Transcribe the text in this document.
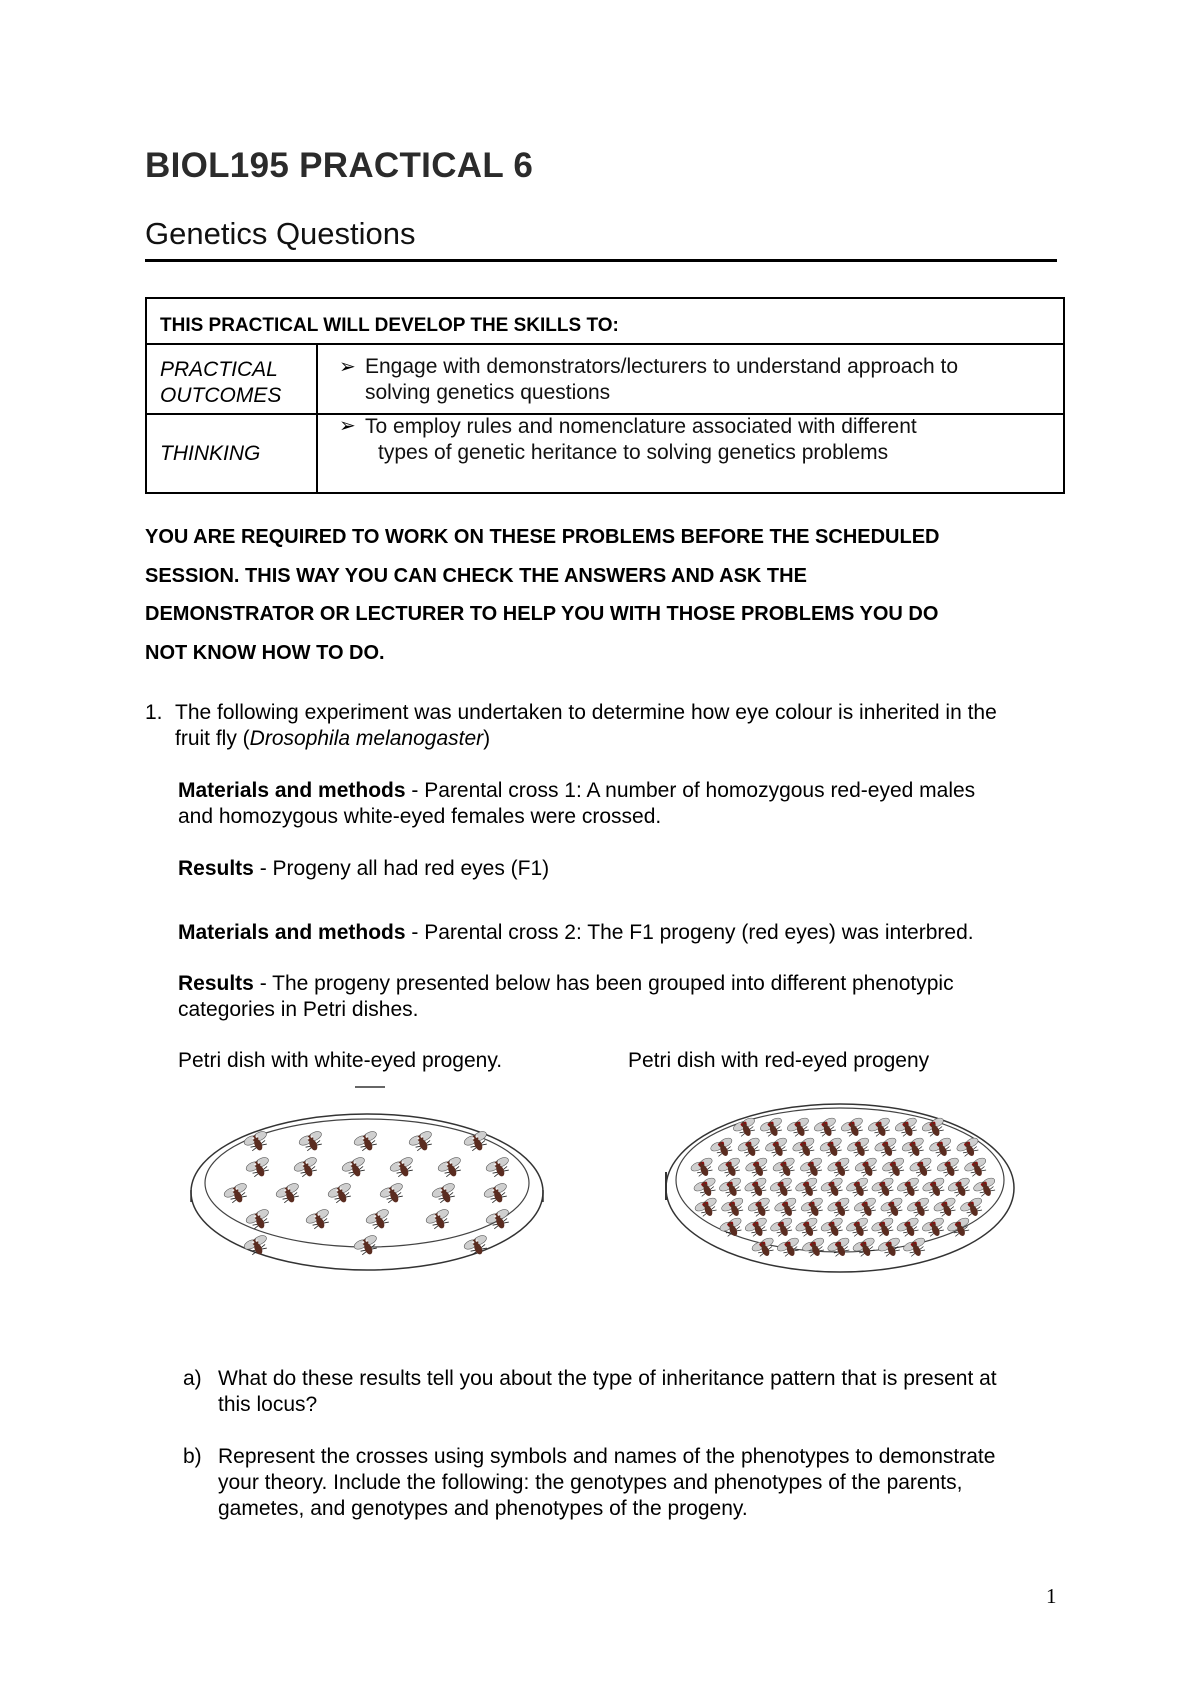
BIOL195 PRACTICAL 6
Genetics Questions
THIS PRACTICAL WILL DEVELOP THE SKILLS TO:
PRACTICAL
OUTCOMES
➢ Engage with demonstrators/lecturers to understand approach to
solving genetics questions
THINKING
➢ To employ rules and nomenclature associated with different
types of genetic heritance to solving genetics problems
YOU ARE REQUIRED TO WORK ON THESE PROBLEMS BEFORE THE SCHEDULED
SESSION. THIS WAY YOU CAN CHECK THE ANSWERS AND ASK THE
DEMONSTRATOR OR LECTURER TO HELP YOU WITH THOSE PROBLEMS YOU DO
NOT KNOW HOW TO DO.
1. The following experiment was undertaken to determine how eye colour is inherited in the
fruit fly (Drosophila melanogaster)
Materials and methods - Parental cross 1: A number of homozygous red-eyed males
and homozygous white-eyed females were crossed.
Results - Progeny all had red eyes (F1)
Materials and methods - Parental cross 2: The F1 progeny (red eyes) was interbred.
Results - The progeny presented below has been grouped into different phenotypic
categories in Petri dishes.
Petri dish with white-eyed progeny.	Petri dish with red-eyed progeny
a) What do these results tell you about the type of inheritance pattern that is present at
this locus?
b) Represent the crosses using symbols and names of the phenotypes to demonstrate
your theory. Include the following: the genotypes and phenotypes of the parents,
gametes, and genotypes and phenotypes of the progeny.
1
